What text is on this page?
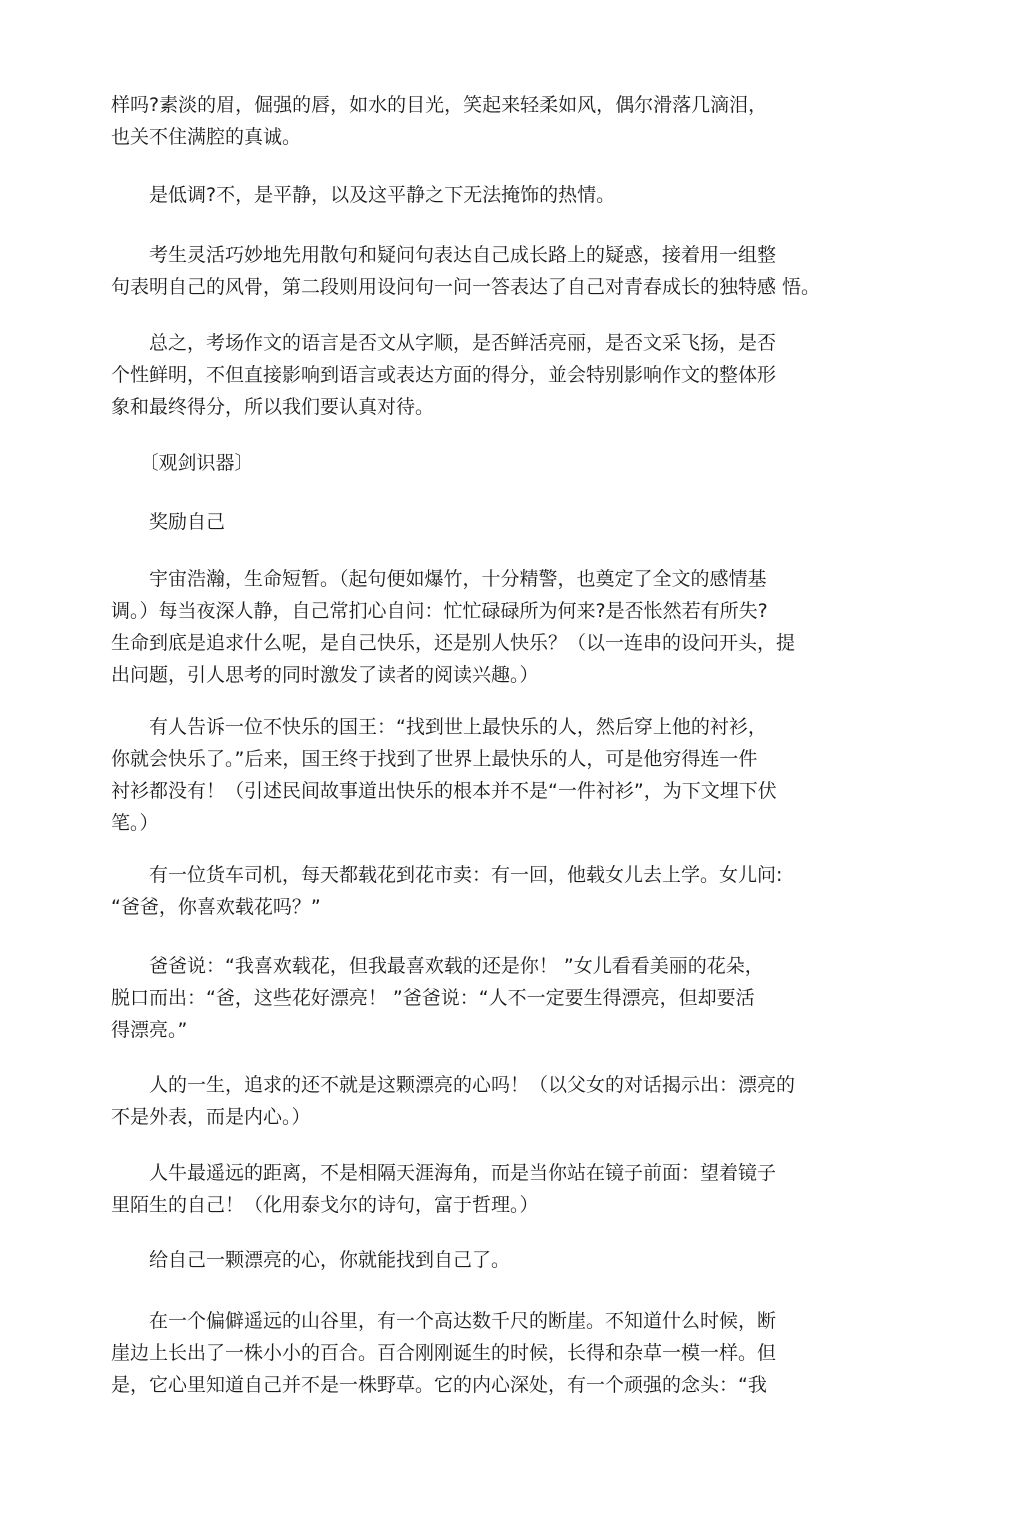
样吗?素淡的眉，倔强的唇，如水的目光，笑起来轻柔如风，偶尔滑落几滴泪，
也关不住满腔的真诚。
　　是低调?不，是平静，以及这平静之下无法掩饰的热情。
　　考生灵活巧妙地先用散句和疑问句表达自己成长路上的疑惑，接着用一组整
句表明自己的风骨，第二段则用设问句一问一答表达了自己对青春成长的独特感 悟。
　　总之，考场作文的语言是否文从字顺，是否鲜活亮丽，是否文采飞扬，是否
个性鲜明，不但直接影响到语言或表达方面的得分，並会特别影响作文的整体形
象和最终得分，所以我们要认真对待。
　　〔观剑识器〕
　　奖励自己
　　宇宙浩瀚，生命短暂。（起句便如爆竹，十分精警，也奠定了全文的感情基
调。）每当夜深人静，自己常扪心自问：忙忙碌碌所为何来?是否怅然若有所失?
生命到底是追求什么呢，是自己快乐，还是别人快乐？（以一连串的设问开头，提
出问题，引人思考的同时激发了读者的阅读兴趣。）
　　有人告诉一位不快乐的国王：“找到世上最快乐的人，然后穿上他的衬衫，
你就会快乐了。”后来，国王终于找到了世界上最快乐的人，可是他穷得连一件
衬衫都没有！（引述民间故事道出快乐的根本并不是“一件衬衫”，为下文埋下伏
笔。）
　　有一位货车司机，每天都载花到花市卖：有一回，他载女儿去上学。女儿问:
“爸爸，你喜欢载花吗？”
　　爸爸说：“我喜欢载花，但我最喜欢载的还是你！ ”女儿看看美丽的花朵，
脱口而出：“爸，这些花好漂亮！ ”爸爸说：“人不一定要生得漂亮，但却要活
得漂亮。”
　　人的一生，追求的还不就是这颗漂亮的心吗！（以父女的对话揭示出：漂亮的
不是外表，而是内心。）
　　人牛最遥远的距离，不是相隔天涯海角，而是当你站在镜子前面：望着镜子
里陌生的自己！（化用泰戈尔的诗句，富于哲理。）
　　给自己一颗漂亮的心，你就能找到自己了。
　　在一个偏僻遥远的山谷里，有一个高达数千尺的断崖。不知道什么时候，断
崖边上长出了一株小小的百合。百合刚刚诞生的时候，长得和杂草一模一样。但
是，它心里知道自己并不是一株野草。它的内心深处，有一个顽强的念头：“我
